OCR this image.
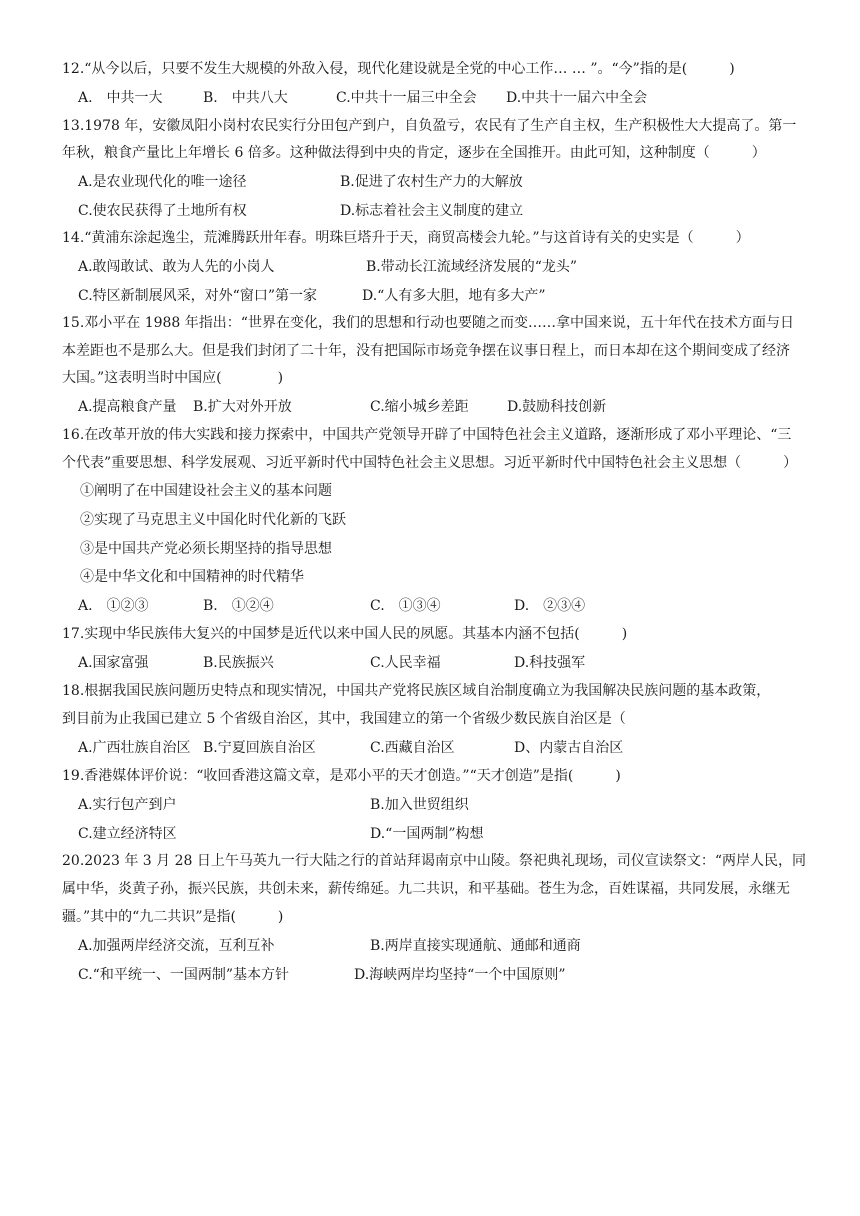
12.“从今以后，只要不发生大规模的外敌入侵，现代化建设就是全党的中心工作… … ”。“今”指的是(　　　)
A.　中共一大	B.　中共八大	C.中共十一届三中全会 D.中共十一届六中全会
13.1978 年，安徽凤阳小岗村农民实行分田包产到户，自负盈亏，农民有了生产自主权，生产积极性大大提高了。第一
年秋，粮食产量比上年增长 6 倍多。这种做法得到中央的肯定，逐步在全国推开。由此可知，这种制度（　　　）
A.是农业现代化的唯一途径	B.促进了农村生产力的大解放
C.使农民获得了土地所有权	D.标志着社会主义制度的建立
14.“黄浦东涂起逸尘，荒滩腾跃卅年春。明珠巨塔升于天，商贸高楼会九轮。”与这首诗有关的史实是（　　　）
A.敢闯敢试、敢为人先的小岗人	B.带动长江流域经济发展的“龙头”
C.特区新制展风采，对外“窗口”第一家	D.“人有多大胆，地有多大产”
15.邓小平在 1988 年指出：“世界在变化，我们的思想和行动也要随之而变……拿中国来说，五十年代在技术方面与日
本差距也不是那么大。但是我们封闭了二十年，没有把国际市场竞争摆在议事日程上，而日本却在这个期间变成了经济
大国。”这表明当时中国应(　　　　)
A.提高粮食产量 B.扩大对外开放	C.缩小城乡差距	D.鼓励科技创新
16.在改革开放的伟大实践和接力探索中，中国共产党领导开辟了中国特色社会主义道路，逐渐形成了邓小平理论、“三
个代表”重要思想、科学发展观、习近平新时代中国特色社会主义思想。习近平新时代中国特色社会主义思想（　　　）
①阐明了在中国建设社会主义的基本问题
②实现了马克思主义中国化时代化新的飞跃
③是中国共产党必须长期坚持的指导思想
④是中华文化和中国精神的时代精华
A.　①②③	B.　①②④	C.　①③④	D.　②③④
17.实现中华民族伟大复兴的中国梦是近代以来中国人民的夙愿。其基本内涵不包括(　　　)
A.国家富强	B.民族振兴	C.人民幸福	D.科技强军
18.根据我国民族问题历史特点和现实情况，中国共产党将民族区域自治制度确立为我国解决民族问题的基本政策，
到目前为止我国已建立 5 个省级自治区，其中，我国建立的第一个省级少数民族自治区是（
A.广西壮族自治区 B.宁夏回族自治区	C.西藏自治区	D、内蒙古自治区
19.香港媒体评价说：“收回香港这篇文章，是邓小平的天才创造。”“天才创造”是指(　　　)
A.实行包产到户	B.加入世贸组织
C.建立经济特区	D.“一国两制”构想
20.2023 年 3 月 28 日上午马英九一行大陆之行的首站拜谒南京中山陵。祭祀典礼现场，司仪宣读祭文：“两岸人民，同
属中华，炎黄子孙，振兴民族，共创未来，薪传绵延。九二共识，和平基础。苍生为念，百姓谋福，共同发展，永继无
疆。”其中的“九二共识”是指(　　　)
A.加强两岸经济交流，互利互补	B.两岸直接实现通航、通邮和通商
C.“和平统一、一国两制”基本方针	D.海峡两岸均坚持“一个中国原则”
